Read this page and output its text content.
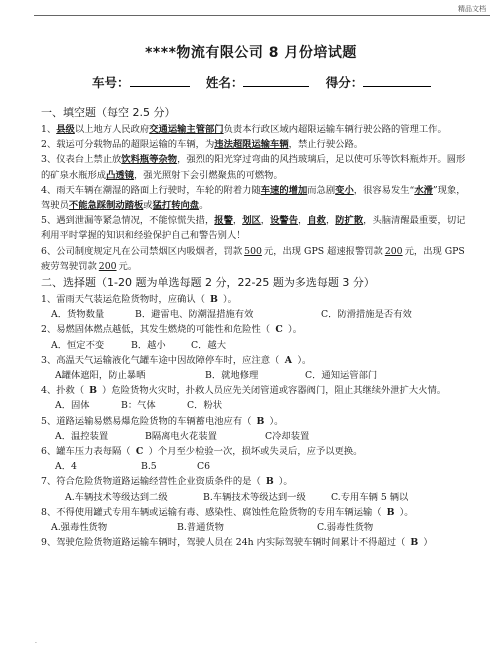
精品文档
****物流有限公司 8 月份培试题
车号：	姓名：	得分：
一、填空题（每空 2.5 分）

1、县级以上地方人民政府交通运输主管部门负责本行政区域内超限运输车辆行驶公路的管理工作。

2、载运可分载物品的超限运输的车辆，为违法超限运输车辆，禁止行驶公路。

3、仪表台上禁止放饮料瓶等杂物，强烈的阳光穿过弯曲的风挡玻璃后，足以使可乐等饮料瓶炸开。圆形的矿泉水瓶形成凸透镜，强光照射下会引燃聚焦的可燃物。

4、雨天车辆在潮湿的路面上行驶时，车轮的附着力随车速的增加而急剧变小，很容易发生“水滑”现象，驾驶员不能急踩制动踏板或猛打转向盘。

5、遇到泄漏等紧急情况，不能惊慌失措，报警，划区，设警告，自救，防扩散，头脑清醒最重要，切记利用平时掌握的知识和经验保护自己和警告别人！

6、公司制度规定凡在公司禁烟区内吸烟者，罚款 500 元，出现 GPS 超速报警罚款 200 元，出现 GPS 疲劳驾驶罚款 200 元。

二、选择题（1-20 题为单选每题 2 分，22-25 题为多选每题 3 分）

1、雷雨天气装运危险货物时，应确认（ B ）。

A．货物数量	B．避雷电、防潮湿措施有效	C．防滑措施是否有效

2、易燃固体燃点越低，其发生燃烧的可能性和危险性（ C ）。

A．恒定不变	B．越小	C．越大

3、高温天气运输液化气罐车途中因故障停车时，应注意（ A ）。

A罐体遮阳，防止暴晒	B．就地修理	C．通知运管部门

4、扑救（ B ）危险货物火灾时，扑救人员应先关闭管道或容器阀门，阻止其继续外泄扩大火情。

A．固体	B：气体	C．粉状

5、道路运输易燃易爆危险货物的车辆蓄电池应有（ B ）。

A．温控装置	B隔离电火花装置	C冷却装置

6、罐车压力表每隔（ C ）个月至少检验一次，损坏或失灵后，应予以更换。

A．4	B.5	C6

7、符合危险货物道路运输经营性企业资质条件的是（ B ）。

A.车辆技术等级达到二级	B.车辆技术等级达到一级	C.专用车辆 5 辆以

8、不得使用罐式专用车辆或运输有毒、感染性、腐蚀性危险货物的专用车辆运输（ B ）。

A.强毒性货物	B.普通货物	C.弱毒性货物

9、驾驶危险货物道路运输车辆时，驾驶人员在 24h 内实际驾驶车辆时间累计不得超过（ B ）

.
